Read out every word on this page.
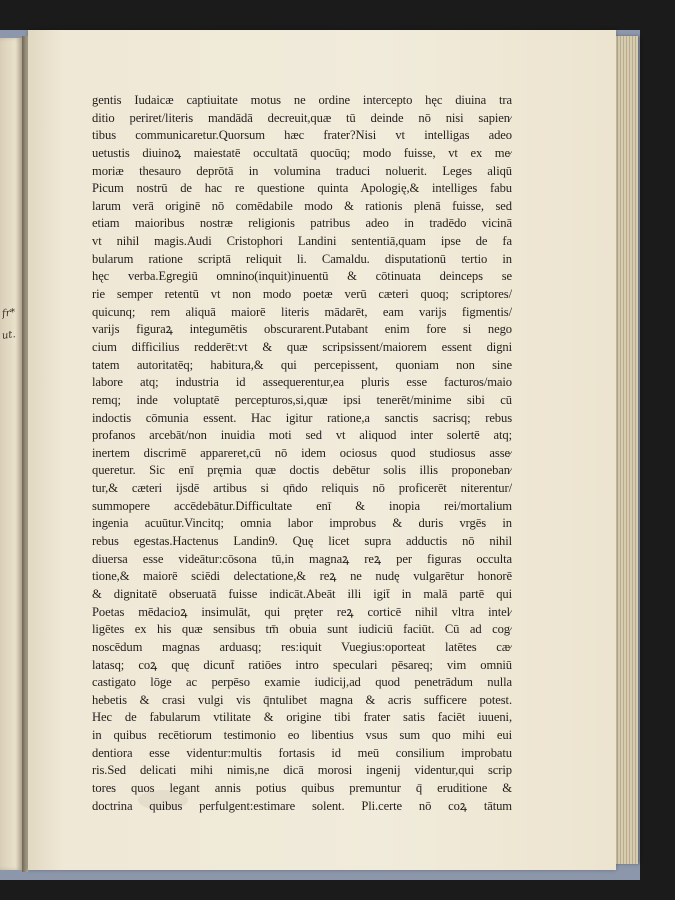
fr*
ut.
gentis Iudaicæ captiuitate motus ne ordine intercepto hęc diuina tra
ditio periret/literis mandādā decreuit,quæ tū deinde nō nisi sapien⁄
tibus communicaretur.Quorsum hæc frater?Nisi vt intelligas adeo
uetustis diuinoꝝ maiestatē occultatā quocūq; modo fuisse, vt ex me⁄
moriæ thesauro deprōtā in volumina traduci noluerit. Leges aliqū
Picum nostrū de hac re questione quinta Apologię,& intelliges fabu
larum verā originē nō comēdabile modo & rationis plenā fuisse, sed
etiam maioribus nostræ religionis patribus adeo in tradēdo vicinā
vt nihil magis.Audi Cristophori Landini sententiā,quam ipse de fa
bularum ratione scriptā reliquit li. Camaldu. disputationū tertio in
hęc verba.Egregiū omnino(inquit)inuentū & cōtinuata deinceps se
rie semper retentū vt non modo poetæ verū cæteri quoq; scriptores/
quicunq; rem aliquā maiorē literis mādarēt, eam varijs figmentis/
varijs figuraꝝ integumētis obscurarent.Putabant enim fore si nego
cium difficilius redderēt:vt & quæ scripsissent/maiorem essent digni
tatem autoritatēq; habitura,& qui percepissent, quoniam non sine
labore atq; industria id assequerentur,ea pluris esse facturos/maio
remq; inde voluptatē percepturos,si,quæ ipsi tenerēt/minime sibi cū
indoctis cōmunia essent. Hac igitur ratione,a sanctis sacrisq; rebus
profanos arcebāt/non inuidia moti sed vt aliquod inter solertē atq;
inertem discrimē appareret,cū nō idem ociosus quod studiosus asse⁄
queretur. Sic enī pręmia quæ doctis debētur solis illis proponeban⁄
tur,& cæteri ijsdē artibus si qn̄do reliquis nō proficerēt niterentur/
summopere accēdebātur.Difficultate enī & inopia rei/mortalium
ingenia acuūtur.Vincitq; omnia labor improbus & duris vrgēs in
rebus egestas.Hactenus Landin9. Quę licet supra adductis nō nihil
diuersa esse videātur:cōsona tū,in magnaꝝ reꝝ per figuras occulta
tione,& maiorē sciēdi delectatione,& reꝝ ne nudę vulgarētur honorē
& dignitatē obseruatā fuisse indicāt.Abeāt illi igit̄ in malā partē qui
Poetas mēdacioꝝ insimulāt, qui pręter reꝝ corticē nihil vltra intel⁄
ligētes ex his quæ sensibus tm̄ obuia sunt iudiciū faciūt. Cū ad cog⁄
noscēdum magnas arduasq; res:iquit Vuegius:oporteat latētes cæ⁄
latasq; coꝝ quę dicunt̄ ratiōes intro speculari pēsareq; vim omniū
castigato lōge ac perpēso examie iudicij,ad quod penetrādum nulla
hebetis & crasi vulgi vis q̄ntulibet magna & acris sufficere potest.
Hec de fabularum vtilitate & origine tibi frater satis faciēt iuueni,
in quibus recētiorum testimonio eo libentius vsus sum quo mihi eui
dentiora esse videntur:multis fortasis id meū consilium improbatu
ris.Sed delicati mihi nimis,ne dicā morosi ingenij videntur,qui scrip
tores quos legant annis potius quibus premuntur q̄ eruditione &
doctrina quibus perfulgent:estimare solent. Pli.certe nō coꝝ tātum
